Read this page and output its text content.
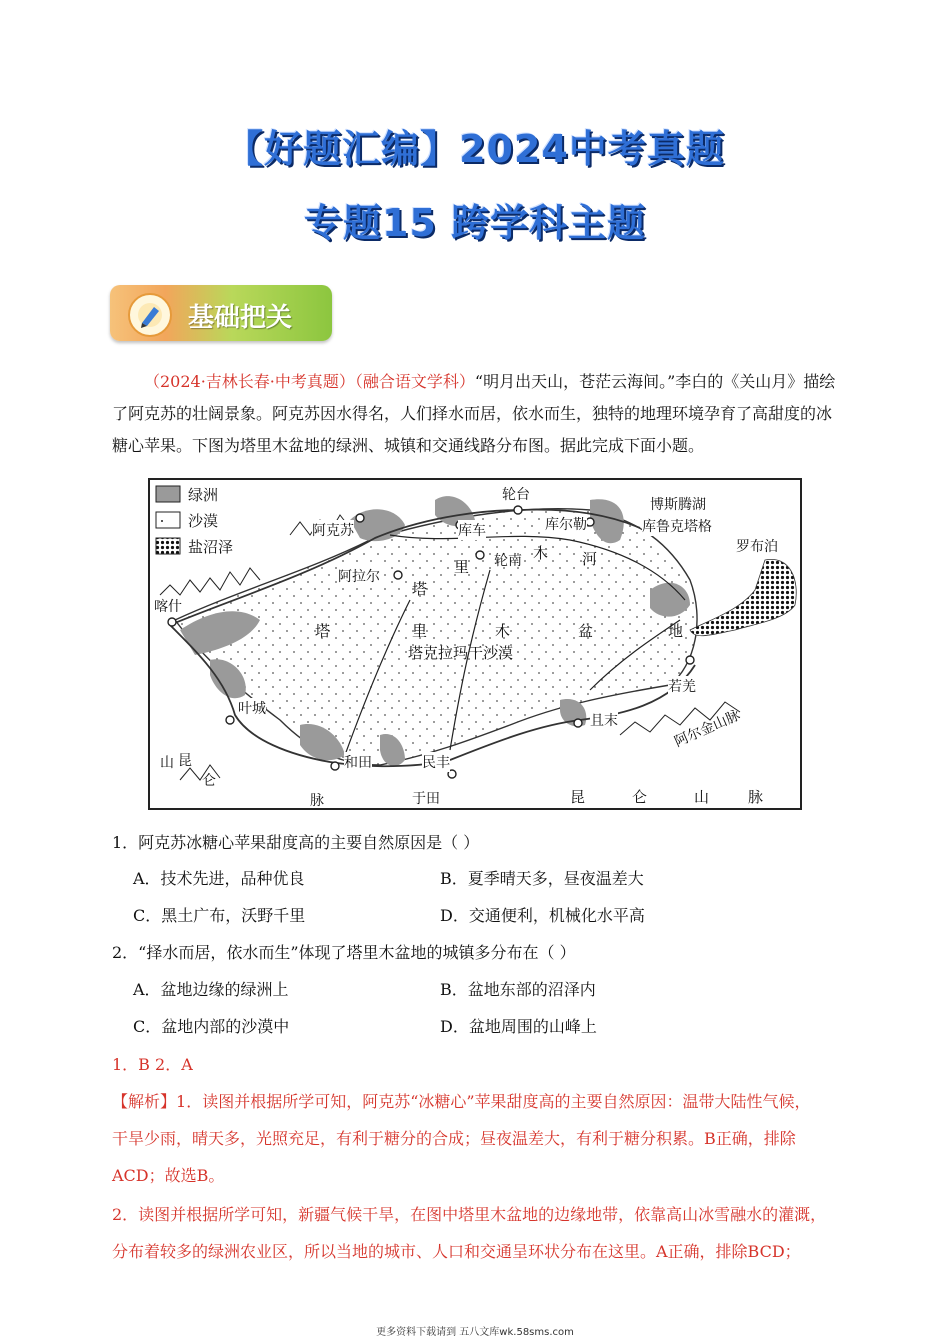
【好题汇编】2024中考真题
专题15 跨学科主题
基础把关
（2024·吉林长春·中考真题）（融合语文学科）“明月出天山，苍茫云海间。”李白的《关山月》描绘了阿克苏的壮阔景象。阿克苏因水得名，人们择水而居，依水而生，独特的地理环境孕育了高甜度的冰糖心苹果。下图为塔里木盆地的绿洲、城镇和交通线路分布图。据此完成下面小题。
绿洲
沙漠
盐沼泽
阿克苏
轮台
库车	库尔勒
博斯腾湖
库鲁克塔格
罗布泊
阿拉尔
轮南
喀什
叶城
和田	民丰
于田
且末
若羌
塔克拉玛干沙漠
塔	里	木	盆	地
塔
里
木 河
昆	仑	山	脉
昆
仑
阿尔金山脉
山
脉
1．阿克苏冰糖心苹果甜度高的主要自然原因是（ ）
A．技术先进，品种优良	B．夏季晴天多，昼夜温差大
C．黑土广布，沃野千里	D．交通便利，机械化水平高
2．“择水而居，依水而生”体现了塔里木盆地的城镇多分布在（ ）
A．盆地边缘的绿洲上	B．盆地东部的沼泽内
C．盆地内部的沙漠中	D．盆地周围的山峰上
1．B 2．A
【解析】1．读图并根据所学可知，阿克苏“冰糖心”苹果甜度高的主要自然原因：温带大陆性气候，
干旱少雨，晴天多，光照充足，有利于糖分的合成；昼夜温差大，有利于糖分积累。B正确，排除
ACD；故选B。
2．读图并根据所学可知，新疆气候干旱，在图中塔里木盆地的边缘地带，依靠高山冰雪融水的灌溉，
分布着较多的绿洲农业区，所以当地的城市、人口和交通呈环状分布在这里。A正确，排除BCD；
更多资料下载请到 五八文库wk.58sms.com
